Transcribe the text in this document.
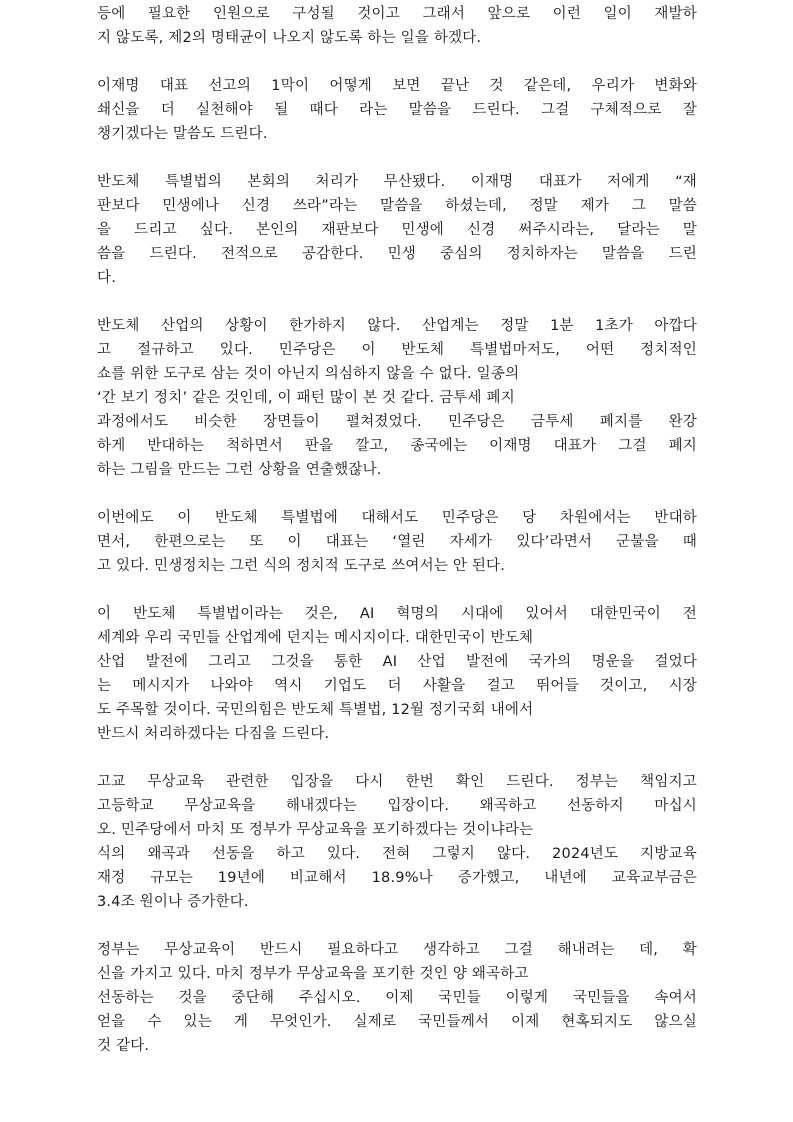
등에 필요한 인원으로 구성될 것이고 그래서 앞으로 이런 일이 재발하
지 않도록, 제2의 명태균이 나오지 않도록 하는 일을 하겠다.
이재명 대표 선고의 1막이 어떻게 보면 끝난 것 같은데, 우리가 변화와
쇄신을 더 실천해야 될 때다 라는 말씀을 드린다. 그걸 구체적으로 잘
챙기겠다는 말씀도 드린다.
반도체 특별법의 본회의 처리가 무산됐다. 이재명 대표가 저에게 “재
판보다 민생에나 신경 쓰라”라는 말씀을 하셨는데, 정말 제가 그 말씀
을 드리고 싶다. 본인의 재판보다 민생에 신경 써주시라는, 달라는 말
씀을 드린다. 전적으로 공감한다. 민생 중심의 정치하자는 말씀을 드린
다.
반도체 산업의 상황이 한가하지 않다. 산업계는 정말 1분 1초가 아깝다
고 절규하고 있다. 민주당은 이 반도체 특별법마저도, 어떤 정치적인
쇼를 위한 도구로 삼는 것이 아닌지 의심하지 않을 수 없다. 일종의
‘간 보기 정치’ 같은 것인데, 이 패턴 많이 본 것 같다. 금투세 폐지
과정에서도 비슷한 장면들이 펼쳐졌었다. 민주당은 금투세 폐지를 완강
하게 반대하는 척하면서 판을 깔고, 종국에는 이재명 대표가 그걸 폐지
하는 그림을 만드는 그런 상황을 연출했잖나.
이번에도 이 반도체 특별법에 대해서도 민주당은 당 차원에서는 반대하
면서, 한편으로는 또 이 대표는 ‘열린 자세가 있다’라면서 군불을 때
고 있다. 민생정치는 그런 식의 정치적 도구로 쓰여서는 안 된다.
이 반도체 특별법이라는 것은, AI 혁명의 시대에 있어서 대한민국이 전
세계와 우리 국민들 산업계에 던지는 메시지이다. 대한민국이 반도체
산업 발전에 그리고 그것을 통한 AI 산업 발전에 국가의 명운을 걸었다
는 메시지가 나와야 역시 기업도 더 사활을 걸고 뛰어들 것이고, 시장
도 주목할 것이다. 국민의힘은 반도체 특별법, 12월 정기국회 내에서
반드시 처리하겠다는 다짐을 드린다.
고교 무상교육 관련한 입장을 다시 한번 확인 드린다. 정부는 책임지고
고등학교 무상교육을 해내겠다는 입장이다. 왜곡하고 선동하지 마십시
오. 민주당에서 마치 또 정부가 무상교육을 포기하겠다는 것이냐라는
식의 왜곡과 선동을 하고 있다. 전혀 그렇지 않다. 2024년도 지방교육
재정 규모는 19년에 비교해서 18.9%나 증가했고, 내년에 교육교부금은
3.4조 원이나 증가한다.
정부는 무상교육이 반드시 필요하다고 생각하고 그걸 해내려는 데, 확
신을 가지고 있다. 마치 정부가 무상교육을 포기한 것인 양 왜곡하고
선동하는 것을 중단해 주십시오. 이제 국민들 이렇게 국민들을 속여서
얻을 수 있는 게 무엇인가. 실제로 국민들께서 이제 현혹되지도 않으실
것 같다.
